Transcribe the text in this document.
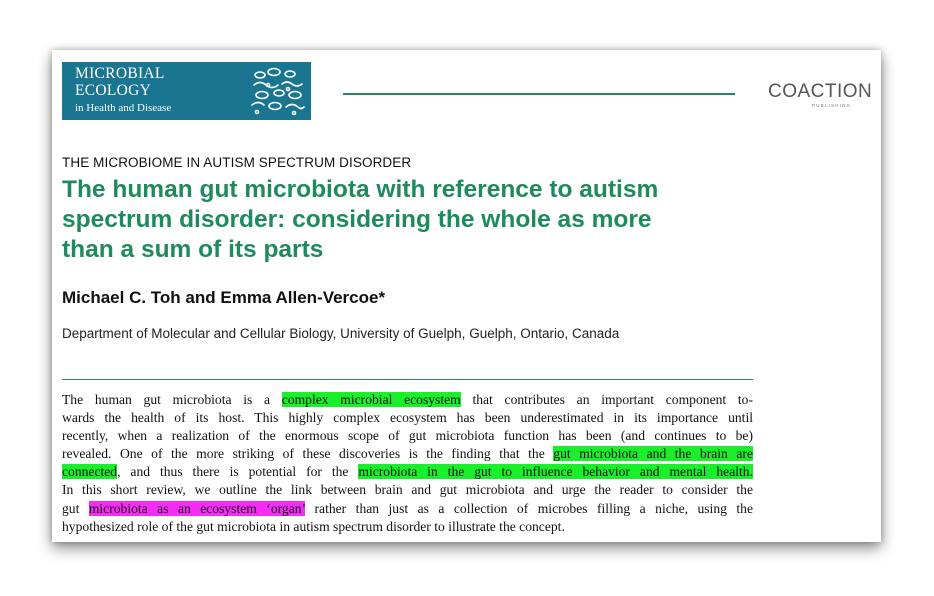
MICROBIAL
ECOLOGY
in Health and Disease
COACTION
PUBLISHING
THE MICROBIOME IN AUTISM SPECTRUM DISORDER
The human gut microbiota with reference to autism
spectrum disorder: considering the whole as more
than a sum of its parts
Michael C. Toh and Emma Allen-Vercoe*
Department of Molecular and Cellular Biology, University of Guelph, Guelph, Ontario, Canada
The human gut microbiota is a complex microbial ecosystem that contributes an important component to-
wards the health of its host. This highly complex ecosystem has been underestimated in its importance until
recently, when a realization of the enormous scope of gut microbiota function has been (and continues to be)
revealed. One of the more striking of these discoveries is the finding that the gut microbiota and the brain are
connected, and thus there is potential for the microbiota in the gut to influence behavior and mental health.
In this short review, we outline the link between brain and gut microbiota and urge the reader to consider the
gut microbiota as an ecosystem ‘organ’ rather than just as a collection of microbes filling a niche, using the
hypothesized role of the gut microbiota in autism spectrum disorder to illustrate the concept.
